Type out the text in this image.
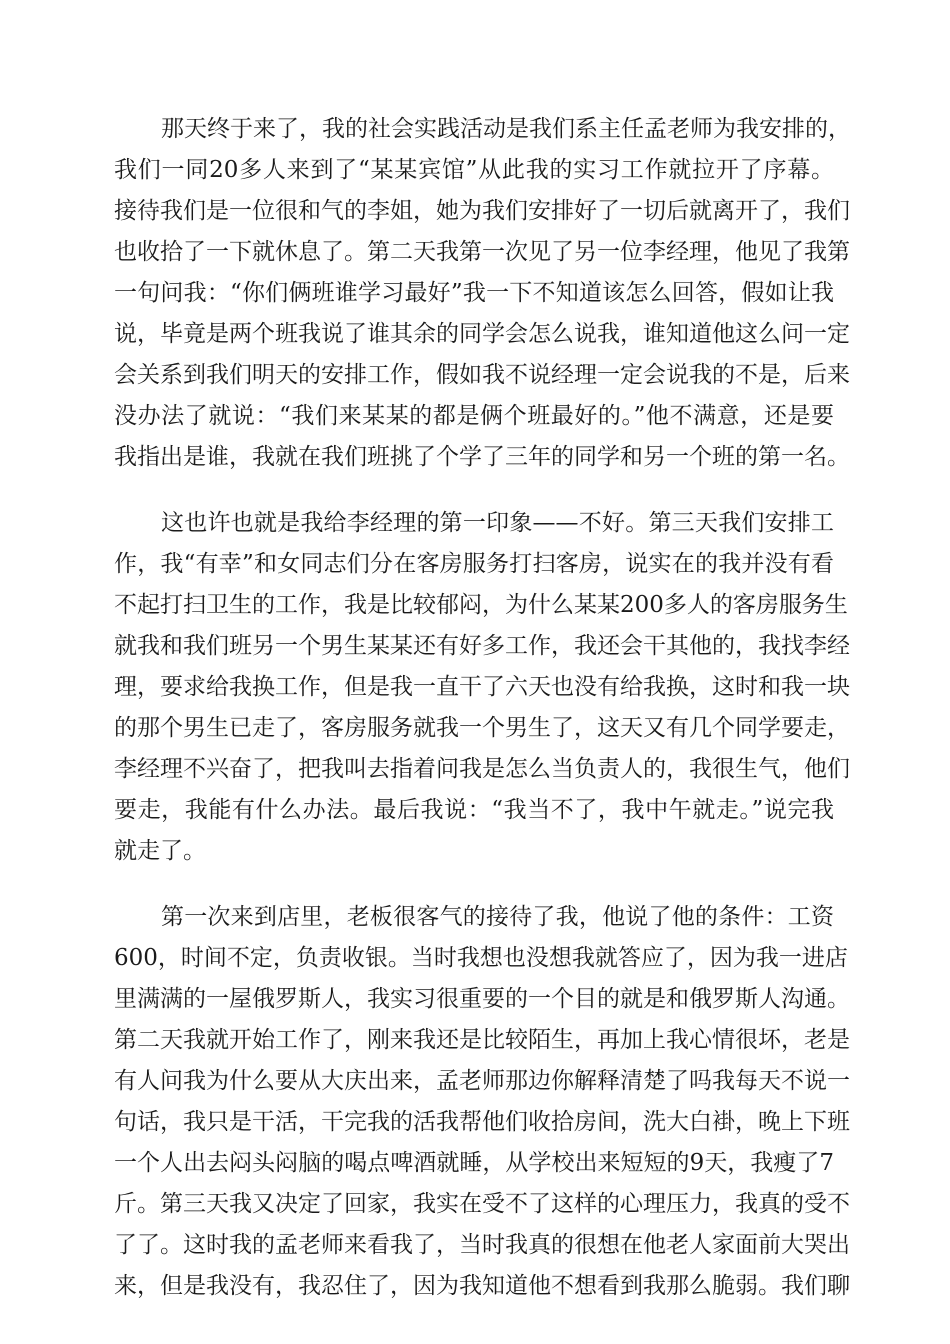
那天终于来了，我的社会实践活动是我们系主任孟老师为我安排的，
我们一同20多人来到了“某某宾馆”从此我的实习工作就拉开了序幕。
接待我们是一位很和气的李姐，她为我们安排好了一切后就离开了，我们
也收拾了一下就休息了。第二天我第一次见了另一位李经理，他见了我第
一句问我：“你们俩班谁学习最好”我一下不知道该怎么回答，假如让我
说，毕竟是两个班我说了谁其余的同学会怎么说我，谁知道他这么问一定
会关系到我们明天的安排工作，假如我不说经理一定会说我的不是，后来
没办法了就说：“我们来某某的都是俩个班最好的。”他不满意，还是要
我指出是谁，我就在我们班挑了个学了三年的同学和另一个班的第一名。
这也许也就是我给李经理的第一印象——不好。第三天我们安排工
作，我“有幸”和女同志们分在客房服务打扫客房，说实在的我并没有看
不起打扫卫生的工作，我是比较郁闷，为什么某某200多人的客房服务生
就我和我们班另一个男生某某还有好多工作，我还会干其他的，我找李经
理，要求给我换工作，但是我一直干了六天也没有给我换，这时和我一块
的那个男生已走了，客房服务就我一个男生了，这天又有几个同学要走，
李经理不兴奋了，把我叫去指着问我是怎么当负责人的，我很生气，他们
要走，我能有什么办法。最后我说：“我当不了，我中午就走。”说完我
就走了。
第一次来到店里，老板很客气的接待了我，他说了他的条件：工资
600，时间不定，负责收银。当时我想也没想我就答应了，因为我一进店
里满满的一屋俄罗斯人，我实习很重要的一个目的就是和俄罗斯人沟通。
第二天我就开始工作了，刚来我还是比较陌生，再加上我心情很坏，老是
有人问我为什么要从大庆出来，孟老师那边你解释清楚了吗我每天不说一
句话，我只是干活，干完我的活我帮他们收拾房间，洗大白褂，晚上下班
一个人出去闷头闷脑的喝点啤酒就睡，从学校出来短短的9天，我瘦了7
斤。第三天我又决定了回家，我实在受不了这样的心理压力，我真的受不
了了。这时我的孟老师来看我了，当时我真的很想在他老人家面前大哭出
来，但是我没有，我忍住了，因为我知道他不想看到我那么脆弱。我们聊
